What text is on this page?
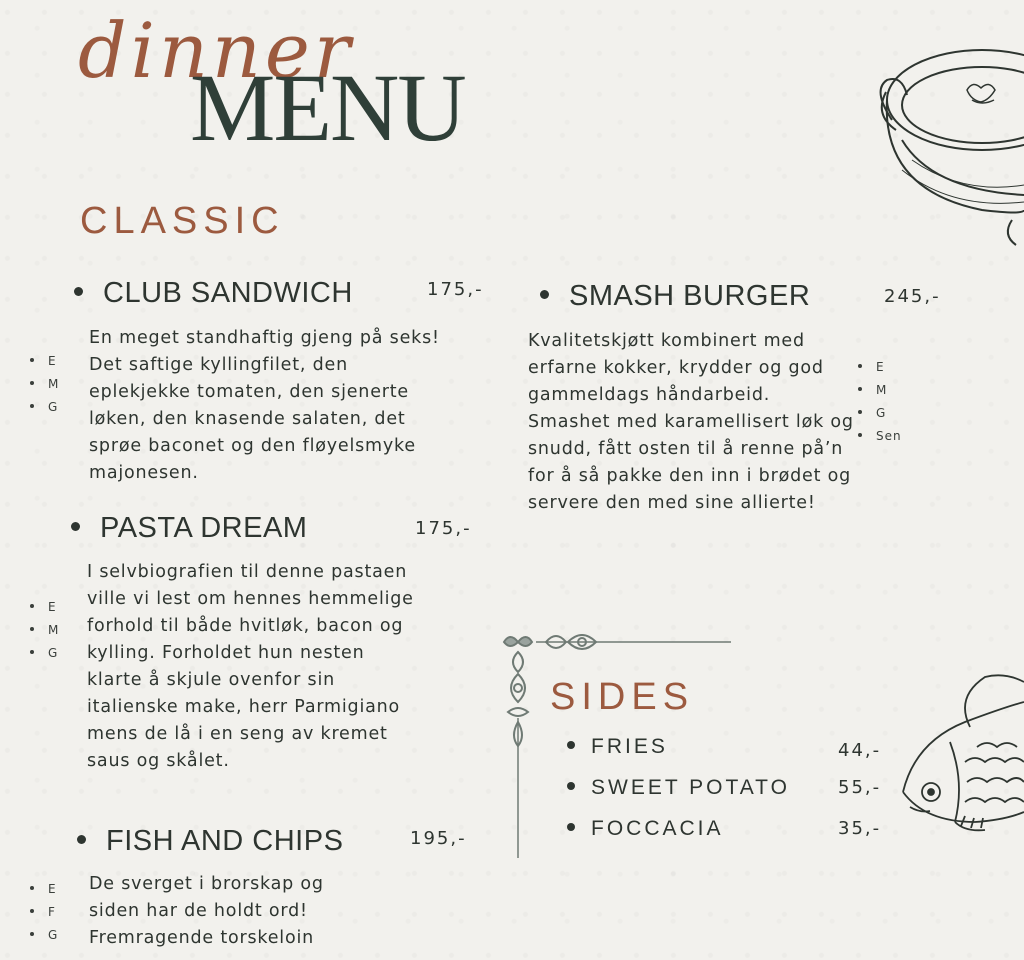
dinner
MENU
CLASSIC
CLUB SANDWICH	175,-

En meget standhaftig gjeng på seks! Det saftige kyllingfilet, den eplekjekke tomaten, den sjenerte løken, den knasende salaten, det sprøe baconet og den fløyelsmyke majonesen.

E
M
G
PASTA DREAM	175,-

I selvbiografien til denne pastaen ville vi lest om hennes hemmelige forhold til både hvitløk, bacon og kylling. Forholdet hun nesten klarte å skjule ovenfor sin italienske make, herr Parmigiano mens de lå i en seng av kremet saus og skålet.

E
M
G
FISH AND CHIPS	195,-

De sverget i brorskap og siden har de holdt ord! Fremragende torskeloin

E
F
G
SMASH BURGER	245,-

Kvalitetskjøtt kombinert med erfarne kokker, krydder og god gammeldags håndarbeid. Smashet med karamellisert løk og snudd, fått osten til å renne på’n for å så pakke den inn i brødet og servere den med sine allierte!

E
M
G
Sen
SIDES
FRIES	44,-
SWEET POTATO	55,-
FOCCACIA	35,-
